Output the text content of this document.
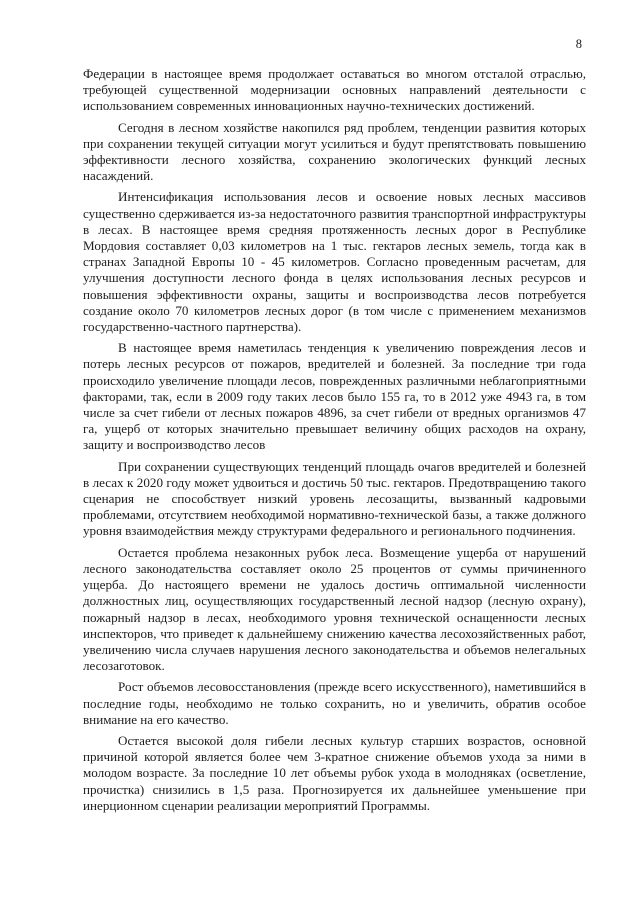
8

Федерации в настоящее время продолжает оставаться во многом отсталой отраслью, требующей существенной модернизации основных направлений деятельности с использованием современных инновационных научно-технических достижений.

Сегодня в лесном хозяйстве накопился ряд проблем, тенденции развития которых при сохранении текущей ситуации могут усилиться и будут препятствовать повышению эффективности лесного хозяйства, сохранению экологических функций лесных насаждений.

Интенсификация использования лесов и освоение новых лесных массивов существенно сдерживается из-за недостаточного развития транспортной инфраструктуры в лесах. В настоящее время средняя протяженность лесных дорог в Республике Мордовия составляет 0,03 километров на 1 тыс. гектаров лесных земель, тогда как в странах Западной Европы 10 - 45 километров. Согласно проведенным расчетам, для улучшения доступности лесного фонда в целях использования лесных ресурсов и повышения эффективности охраны, защиты и воспроизводства лесов потребуется создание около 70 километров лесных дорог (в том числе с применением механизмов государственно-частного партнерства).

В настоящее время наметилась тенденция к увеличению повреждения лесов и потерь лесных ресурсов от пожаров, вредителей и болезней. За последние три года происходило увеличение площади лесов, поврежденных различными неблагоприятными факторами, так, если в 2009 году таких лесов было 155 га, то в 2012 уже 4943 га, в том числе за счет гибели от лесных пожаров 4896, за счет гибели от вредных организмов 47 га, ущерб от которых значительно превышает величину общих расходов на охрану, защиту и воспроизводство лесов

При сохранении существующих тенденций площадь очагов вредителей и болезней в лесах к 2020 году может удвоиться и достичь 50 тыс. гектаров. Предотвращению такого сценария не способствует низкий уровень лесозащиты, вызванный кадровыми проблемами, отсутствием необходимой нормативно-технической базы, а также должного уровня взаимодействия между структурами федерального и регионального подчинения.

Остается проблема незаконных рубок леса. Возмещение ущерба от нарушений лесного законодательства составляет около 25 процентов от суммы причиненного ущерба. До настоящего времени не удалось достичь оптимальной численности должностных лиц, осуществляющих государственный лесной надзор (лесную охрану), пожарный надзор в лесах, необходимого уровня технической оснащенности лесных инспекторов, что приведет к дальнейшему снижению качества лесохозяйственных работ, увеличению числа случаев нарушения лесного законодательства и объемов нелегальных лесозаготовок.

Рост объемов лесовосстановления (прежде всего искусственного), наметившийся в последние годы, необходимо не только сохранить, но и увеличить, обратив особое внимание на его качество.

Остается высокой доля гибели лесных культур старших возрастов, основной причиной которой является более чем 3-кратное снижение объемов ухода за ними в молодом возрасте. За последние 10 лет объемы рубок ухода в молодняках (осветление, прочистка) снизились в 1,5 раза. Прогнозируется их дальнейшее уменьшение при инерционном сценарии реализации мероприятий Программы.
